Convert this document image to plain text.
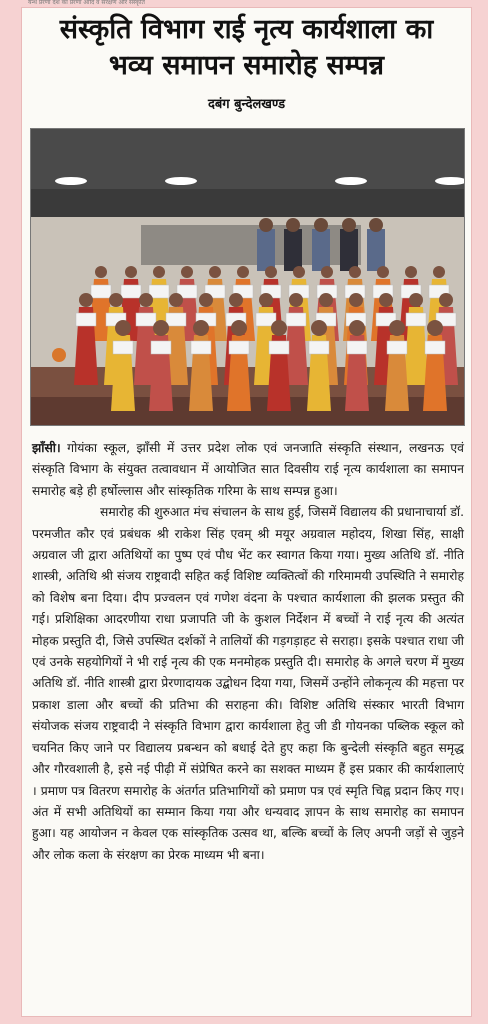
यन्थ प्रेरणा देश का प्रेरणा आदि व संरक्षण और संस्कृति
संस्कृति विभाग राई नृत्य कार्यशाला का
भव्य समापन समारोह सम्पन्न
दबंग बुन्देलखण्ड

झाँसी। गोयंका स्कूल, झाँसी में उत्तर प्रदेश लोक एवं जनजाति संस्कृति संस्थान, लखनऊ एवं संस्कृति विभाग के संयुक्त तत्वावधान में आयोजित सात दिवसीय राई नृत्य कार्यशाला का समापन समारोह बड़े ही हर्षोल्लास और सांस्कृतिक गरिमा के साथ सम्पन्न हुआ।

समारोह की शुरुआत मंच संचालन के साथ हुई, जिसमें विद्यालय की प्रधानाचार्या डॉ. परमजीत कौर एवं प्रबंधक श्री राकेश सिंह एवम् श्री मयूर अग्रवाल महोदय, शिखा सिंह, साक्षी अग्रवाल जी द्वारा अतिथियों का पुष्प एवं पौध भेंट कर स्वागत किया गया। मुख्य अतिथि डॉ. नीति शास्त्री, अतिथि श्री संजय राष्ट्रवादी सहित कई विशिष्ट व्यक्तित्वों की गरिमामयी उपस्थिति ने समारोह को विशेष बना दिया। दीप प्रज्वलन एवं गणेश वंदना के पश्चात कार्यशाला की झलक प्रस्तुत की गई। प्रशिक्षिका आदरणीया राधा प्रजापति जी के कुशल निर्देशन में बच्चों ने राई नृत्य की अत्यंत मोहक प्रस्तुति दी, जिसे उपस्थित दर्शकों ने तालियों की गड़गड़ाहट से सराहा। इसके पश्चात राधा जी एवं उनके सहयोगियों ने भी राई नृत्य की एक मनमोहक प्रस्तुति दी। समारोह के अगले चरण में मुख्य अतिथि डॉ. नीति शास्त्री द्वारा प्रेरणादायक उद्बोधन दिया गया, जिसमें उन्होंने लोकनृत्य की महत्ता पर प्रकाश डाला और बच्चों की प्रतिभा की सराहना की। विशिष्ट अतिथि संस्कार भारती विभाग संयोजक संजय राष्ट्रवादी ने संस्कृति विभाग द्वारा कार्यशाला हेतु जी डी गोयनका पब्लिक स्कूल को चयनित किए जाने पर विद्यालय प्रबन्धन को बधाई देते हुए कहा कि बुन्देली संस्कृति बहुत समृद्ध और गौरवशाली है, इसे नई पीढ़ी में संप्रेषित करने का सशक्त माध्यम हैं इस प्रकार की कार्यशालाएं । प्रमाण पत्र वितरण समारोह के अंतर्गत प्रतिभागियों को प्रमाण पत्र एवं स्मृति चिह्न प्रदान किए गए। अंत में सभी अतिथियों का सम्मान किया गया और धन्यवाद ज्ञापन के साथ समारोह का समापन हुआ। यह आयोजन न केवल एक सांस्कृतिक उत्सव था, बल्कि बच्चों के लिए अपनी जड़ों से जुड़ने और लोक कला के संरक्षण का प्रेरक माध्यम भी बना।
